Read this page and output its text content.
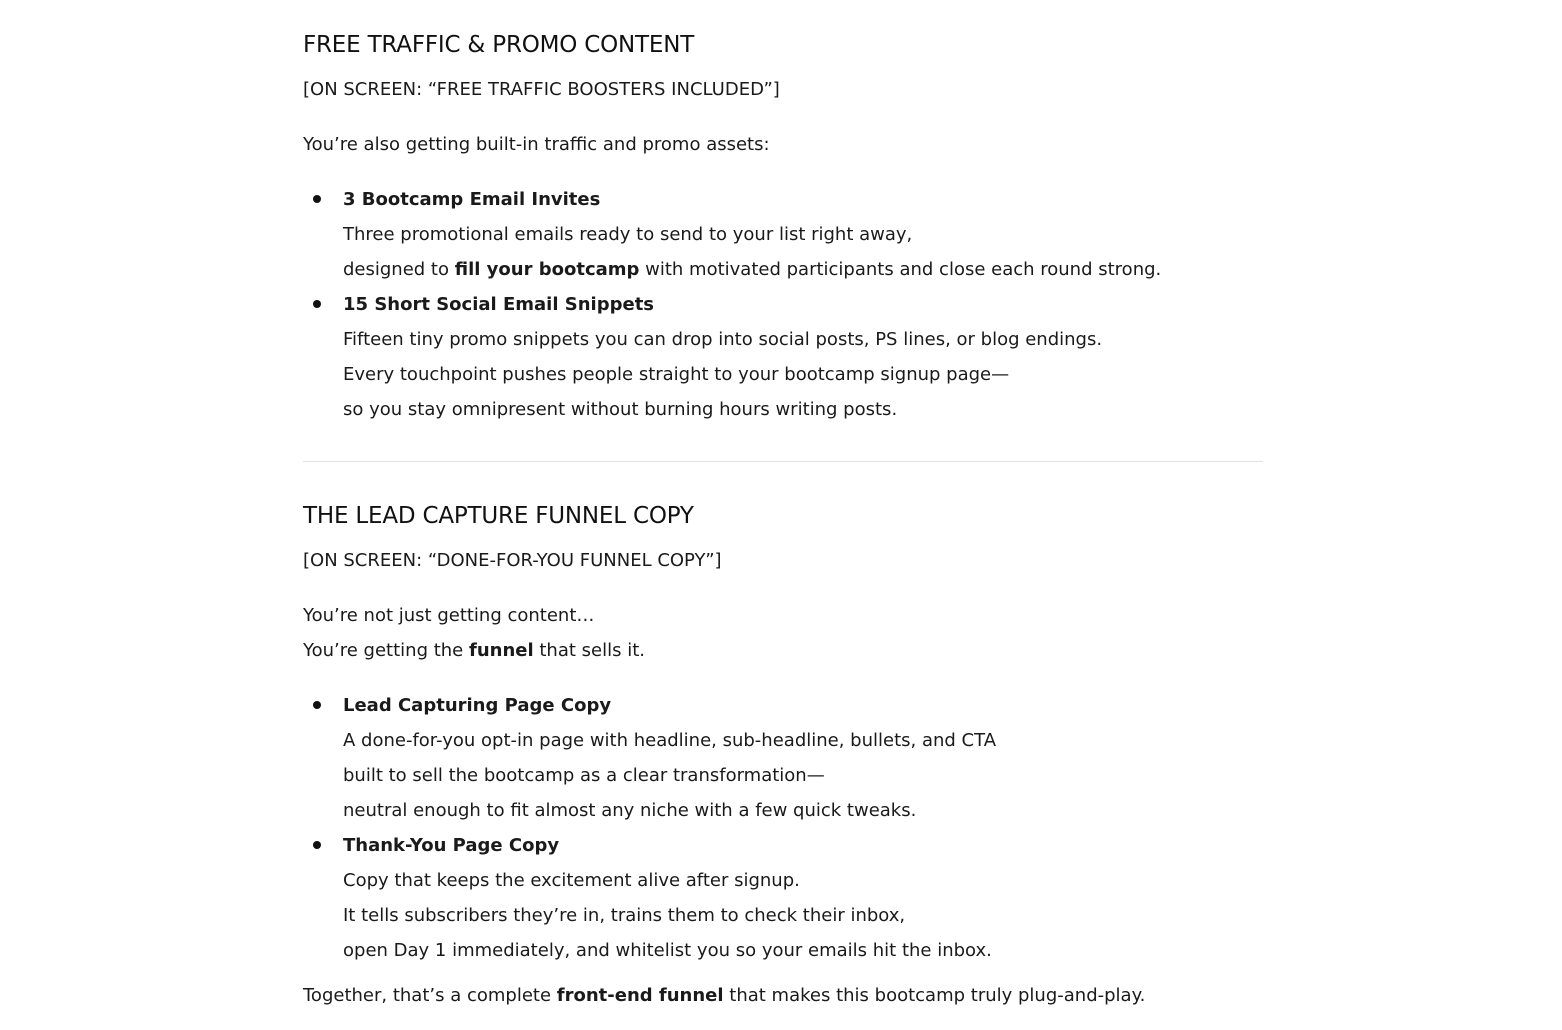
FREE TRAFFIC & PROMO CONTENT

[ON SCREEN: “FREE TRAFFIC BOOSTERS INCLUDED”]

You’re also getting built-in traffic and promo assets:

3 Bootcamp Email Invites

Three promotional emails ready to send to your list right away,

designed to fill your bootcamp with motivated participants and close each round strong.

15 Short Social Email Snippets

Fifteen tiny promo snippets you can drop into social posts, PS lines, or blog endings.

Every touchpoint pushes people straight to your bootcamp signup page—

so you stay omnipresent without burning hours writing posts.

THE LEAD CAPTURE FUNNEL COPY

[ON SCREEN: “DONE-FOR-YOU FUNNEL COPY”]

You’re not just getting content…

You’re getting the funnel that sells it.

Lead Capturing Page Copy

A done-for-you opt-in page with headline, sub-headline, bullets, and CTA

built to sell the bootcamp as a clear transformation—

neutral enough to fit almost any niche with a few quick tweaks.

Thank-You Page Copy

Copy that keeps the excitement alive after signup.

It tells subscribers they’re in, trains them to check their inbox,

open Day 1 immediately, and whitelist you so your emails hit the inbox.

Together, that’s a complete front-end funnel that makes this bootcamp truly plug-and-play.
